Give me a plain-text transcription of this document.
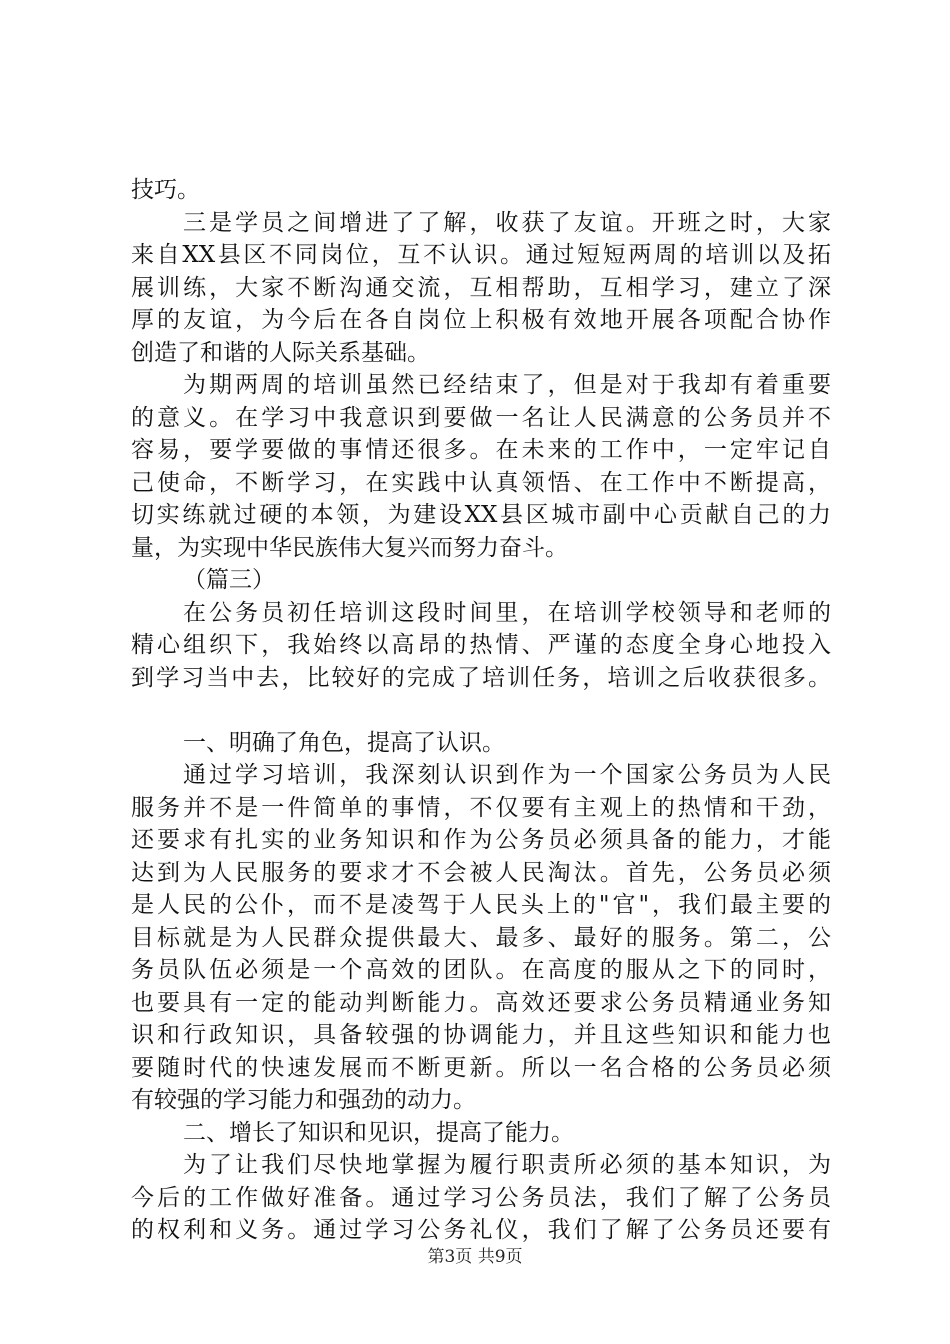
技巧。
三是学员之间增进了了解，收获了友谊。开班之时，大家
来自XX县区不同岗位，互不认识。通过短短两周的培训以及拓
展训练，大家不断沟通交流，互相帮助，互相学习，建立了深
厚的友谊，为今后在各自岗位上积极有效地开展各项配合协作
创造了和谐的人际关系基础。
为期两周的培训虽然已经结束了，但是对于我却有着重要
的意义。在学习中我意识到要做一名让人民满意的公务员并不
容易，要学要做的事情还很多。在未来的工作中，一定牢记自
己使命，不断学习，在实践中认真领悟、在工作中不断提高，
切实练就过硬的本领，为建设XX县区城市副中心贡献自己的力
量，为实现中华民族伟大复兴而努力奋斗。
（篇三）
在公务员初任培训这段时间里，在培训学校领导和老师的
精心组织下，我始终以高昂的热情、严谨的态度全身心地投入
到学习当中去，比较好的完成了培训任务，培训之后收获很多。
一、明确了角色，提高了认识。
通过学习培训，我深刻认识到作为一个国家公务员为人民
服务并不是一件简单的事情，不仅要有主观上的热情和干劲，
还要求有扎实的业务知识和作为公务员必须具备的能力，才能
达到为人民服务的要求才不会被人民淘汰。首先，公务员必须
是人民的公仆，而不是凌驾于人民头上的"官"，我们最主要的
目标就是为人民群众提供最大、最多、最好的服务。第二，公
务员队伍必须是一个高效的团队。在高度的服从之下的同时，
也要具有一定的能动判断能力。高效还要求公务员精通业务知
识和行政知识，具备较强的协调能力，并且这些知识和能力也
要随时代的快速发展而不断更新。所以一名合格的公务员必须
有较强的学习能力和强劲的动力。
二、增长了知识和见识，提高了能力。
为了让我们尽快地掌握为履行职责所必须的基本知识，为
今后的工作做好准备。通过学习公务员法，我们了解了公务员
的权利和义务。通过学习公务礼仪，我们了解了公务员还要有
第3页 共9页
